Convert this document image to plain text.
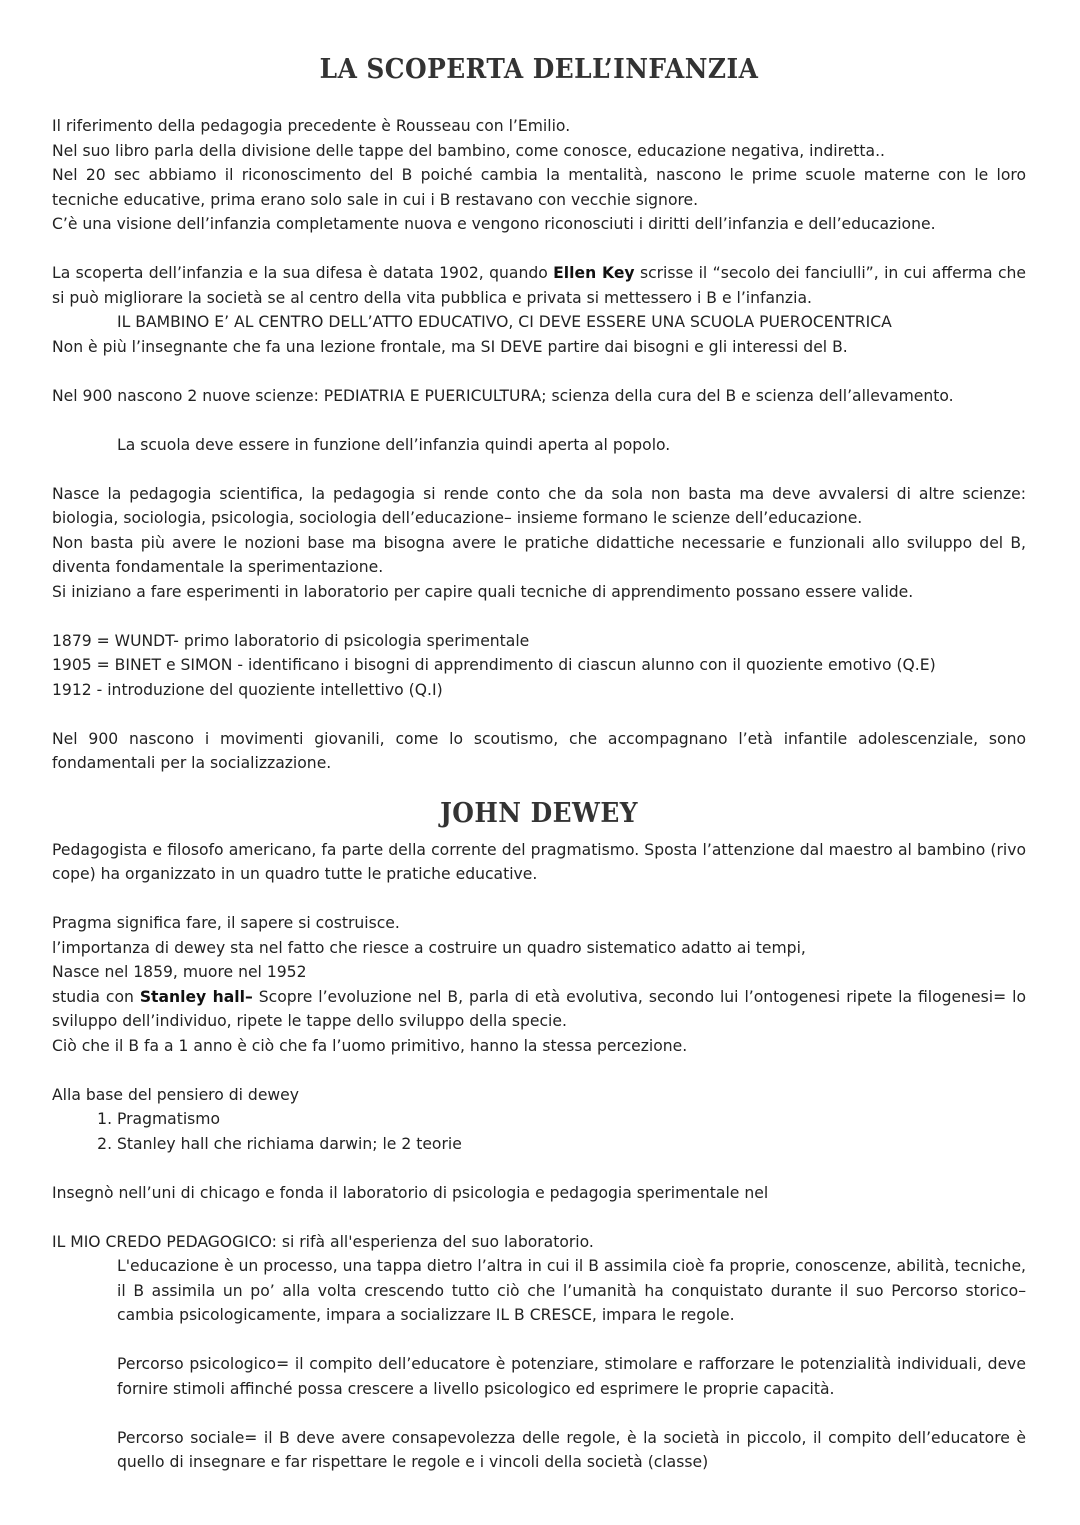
LA SCOPERTA DELL’INFANZIA

Il riferimento della pedagogia precedente è Rousseau con l’Emilio.

Nel suo libro parla della divisione delle tappe del bambino, come conosce, educazione negativa, indiretta..

Nel 20 sec abbiamo il riconoscimento del B poiché cambia la mentalità, nascono le prime scuole materne con le loro tecniche educative, prima erano solo sale in cui i B restavano con vecchie signore.

C’è una visione dell’infanzia completamente nuova e vengono riconosciuti i diritti dell’infanzia e dell’educazione.

La scoperta dell’infanzia e la sua difesa è datata 1902, quando Ellen Key scrisse il “secolo dei fanciulli”, in cui afferma che si può migliorare la società se al centro della vita pubblica e privata si mettessero i B e l’infanzia.

IL BAMBINO E’ AL CENTRO DELL’ATTO EDUCATIVO, CI DEVE ESSERE UNA SCUOLA PUEROCENTRICA

Non è più l’insegnante che fa una lezione frontale, ma SI DEVE partire dai bisogni e gli interessi del B.

Nel 900 nascono 2 nuove scienze: PEDIATRIA E PUERICULTURA; scienza della cura del B e scienza dell’allevamento.

La scuola deve essere in funzione dell’infanzia quindi aperta al popolo.

Nasce la pedagogia scientifica, la pedagogia si rende conto che da sola non basta ma deve avvalersi di altre scienze: biologia, sociologia, psicologia, sociologia dell’educazione– insieme formano le scienze dell’educazione.

Non basta più avere le nozioni base ma bisogna avere le pratiche didattiche necessarie e funzionali allo sviluppo del B, diventa fondamentale la sperimentazione.

Si iniziano a fare esperimenti in laboratorio per capire quali tecniche di apprendimento possano essere valide.

1879 = WUNDT- primo laboratorio di psicologia sperimentale

1905 = BINET e SIMON - identificano i bisogni di apprendimento di ciascun alunno con il quoziente emotivo (Q.E)

1912 - introduzione del quoziente intellettivo (Q.I)

Nel 900 nascono i movimenti giovanili, come lo scoutismo, che accompagnano l’età infantile adolescenziale, sono fondamentali per la socializzazione.

JOHN DEWEY

Pedagogista e filosofo americano, fa parte della corrente del pragmatismo. Sposta l’attenzione dal maestro al bambino (rivo cope) ha organizzato in un quadro tutte le pratiche educative.

Pragma significa fare, il sapere si costruisce.

l’importanza di dewey sta nel fatto che riesce a costruire un quadro sistematico adatto ai tempi,

Nasce nel 1859, muore nel 1952

studia con Stanley hall– Scopre l’evoluzione nel B, parla di età evolutiva, secondo lui l’ontogenesi ripete la filogenesi= lo sviluppo dell’individuo, ripete le tappe dello sviluppo della specie.

Ciò che il B fa a 1 anno è ciò che fa l’uomo primitivo, hanno la stessa percezione.

Alla base del pensiero di dewey

1. Pragmatismo
2. Stanley hall che richiama darwin; le 2 teorie

Insegnò nell’uni di chicago e fonda il laboratorio di psicologia e pedagogia sperimentale nel

IL MIO CREDO PEDAGOGICO: si rifà all'esperienza del suo laboratorio.

L'educazione è un processo, una tappa dietro l’altra in cui il B assimila cioè fa proprie, conoscenze, abilità, tecniche, il B assimila un po’ alla volta crescendo tutto ciò che l’umanità ha conquistato durante il suo Percorso storico– cambia psicologicamente, impara a socializzare IL B CRESCE, impara le regole.

Percorso psicologico= il compito dell’educatore è potenziare, stimolare e rafforzare le potenzialità individuali, deve fornire stimoli affinché possa crescere a livello psicologico ed esprimere le proprie capacità.

Percorso sociale= il B deve avere consapevolezza delle regole, è la società in piccolo, il compito dell’educatore è quello di insegnare e far rispettare le regole e i vincoli della società (classe)
